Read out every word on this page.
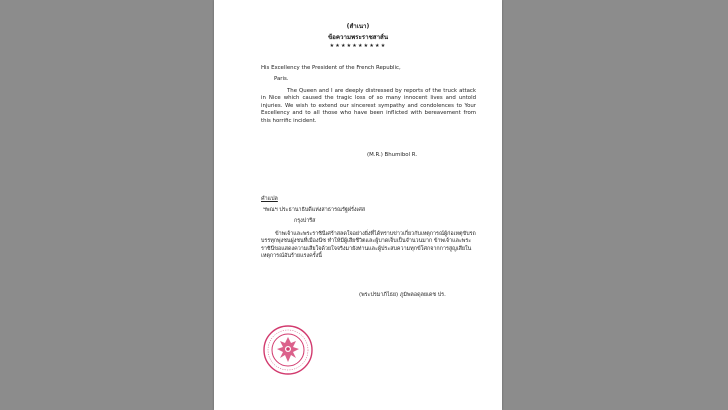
(สำเนา)
ข้อความพระราชสาส์น
★★★★★★★★★★
His Excellency the President of the French Republic,
Paris.
The Queen and I are deeply distressed by reports of the truck attack in Nice which caused the tragic loss of so many innocent lives and untold injuries. We wish to extend our sincerest sympathy and condolences to Your Excellency and to all those who have been inflicted with bereavement from this horrific incident.
(M.R.) Bhumibol R.
คำแปล
ฯพณฯ ประธานาธิบดีแห่งสาธารณรัฐฝรั่งเศส
กรุงปารีส
ข้าพเจ้าและพระราชินีเศร้าสลดใจอย่างยิ่งที่ได้ทราบข่าวเกี่ยวกับเหตุการณ์ผู้ก่อเหตุขับรถบรรทุกพุ่งชนฝูงชนที่เมืองนีซ ทำให้มีผู้เสียชีวิตและผู้บาดเจ็บเป็นจำนวนมาก ข้าพเจ้าและพระราชินีขอแสดงความเสียใจด้วยใจจริงมายังท่านและผู้ประสบความทุกข์โศกจากการสูญเสียในเหตุการณ์อันร้ายแรงครั้งนี้
(พระปรมาภิไธย) ภูมิพลอดุลยเดช ปร.
